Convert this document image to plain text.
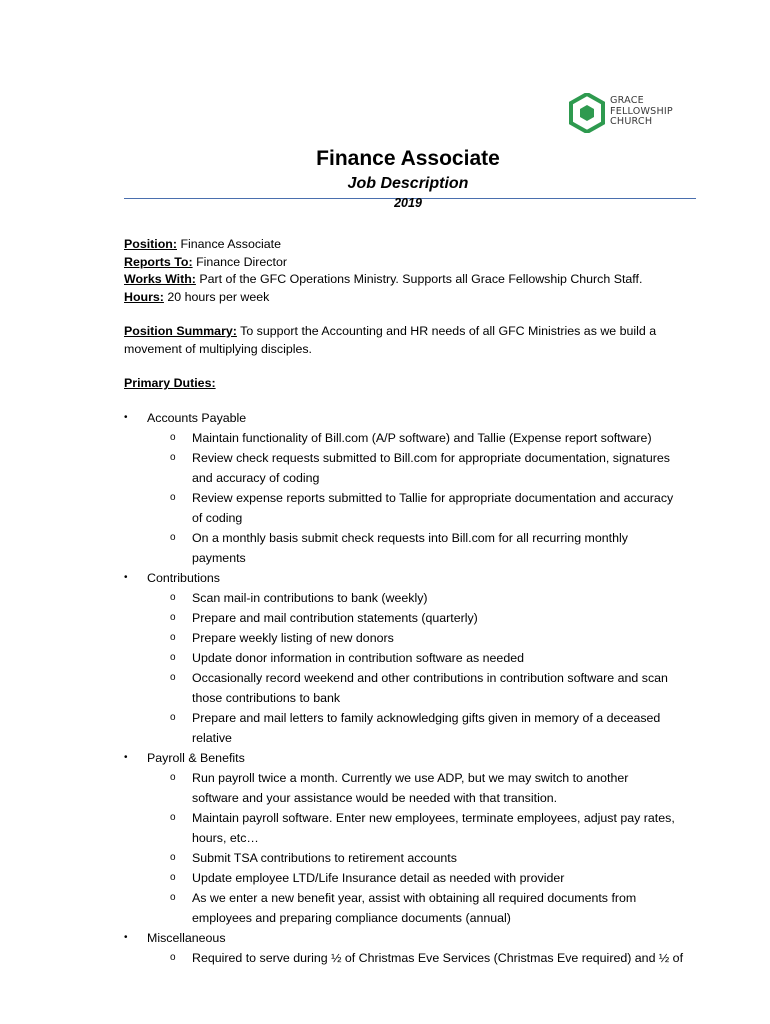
GRACE
FELLOWSHIP
CHURCH
Finance Associate
Job Description
2019
Position: Finance Associate
Reports To: Finance Director
Works With: Part of the GFC Operations Ministry. Supports all Grace Fellowship Church Staff.
Hours: 20 hours per week
Position Summary: To support the Accounting and HR needs of all GFC Ministries as we build a
movement of multiplying disciples.
Primary Duties:
• Accounts Payable
o Maintain functionality of Bill.com (A/P software) and Tallie (Expense report software)
o Review check requests submitted to Bill.com for appropriate documentation, signatures
and accuracy of coding
o Review expense reports submitted to Tallie for appropriate documentation and accuracy
of coding
o On a monthly basis submit check requests into Bill.com for all recurring monthly
payments
• Contributions
o Scan mail-in contributions to bank (weekly)
o Prepare and mail contribution statements (quarterly)
o Prepare weekly listing of new donors
o Update donor information in contribution software as needed
o Occasionally record weekend and other contributions in contribution software and scan
those contributions to bank
o Prepare and mail letters to family acknowledging gifts given in memory of a deceased
relative
• Payroll & Benefits
o Run payroll twice a month. Currently we use ADP, but we may switch to another
software and your assistance would be needed with that transition.
o Maintain payroll software. Enter new employees, terminate employees, adjust pay rates,
hours, etc…
o Submit TSA contributions to retirement accounts
o Update employee LTD/Life Insurance detail as needed with provider
o As we enter a new benefit year, assist with obtaining all required documents from
employees and preparing compliance documents (annual)
• Miscellaneous
o Required to serve during ½ of Christmas Eve Services (Christmas Eve required) and ½ of
